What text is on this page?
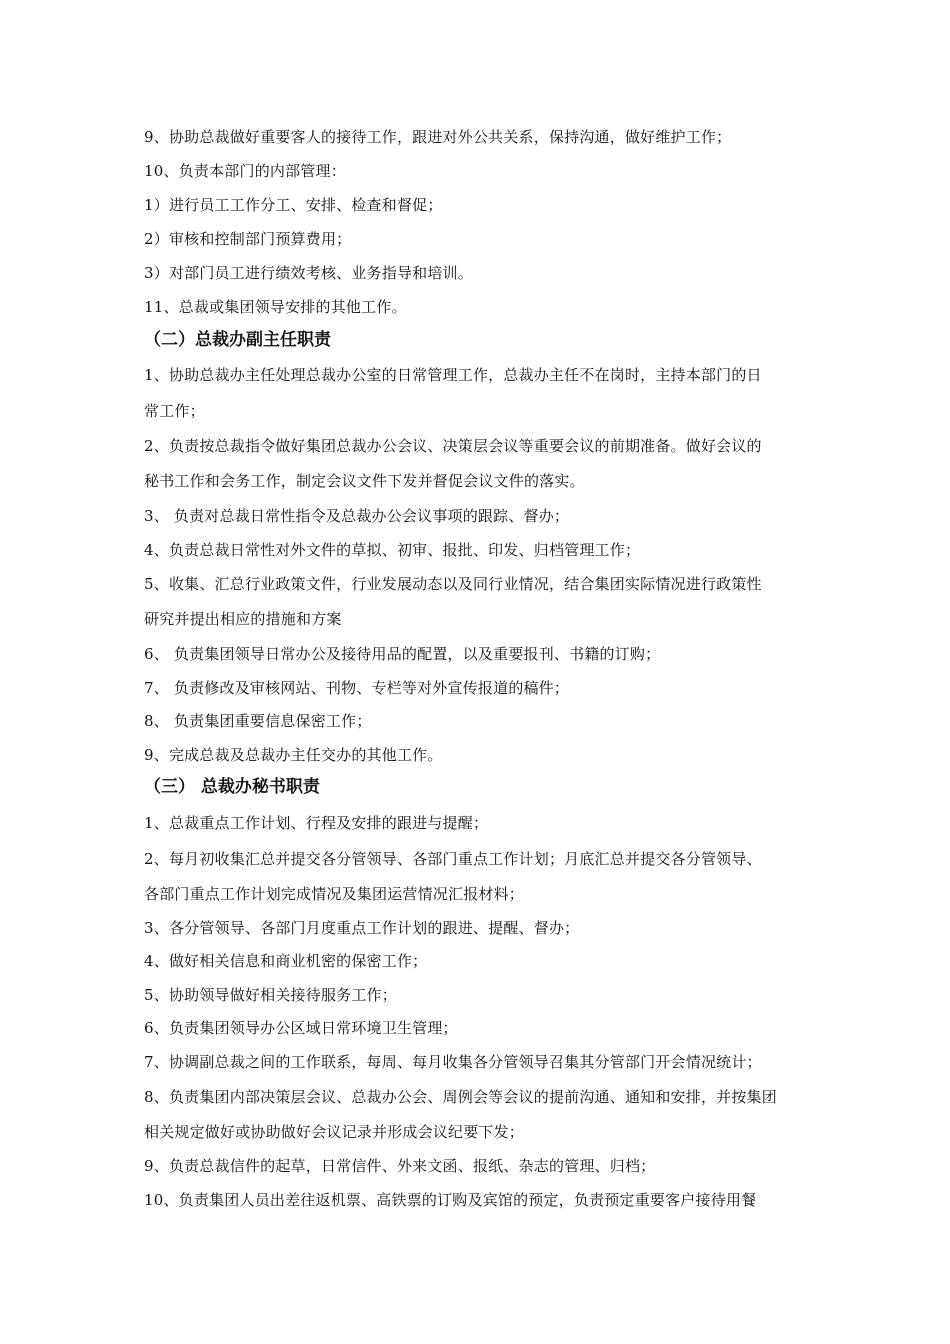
9、协助总裁做好重要客人的接待工作，跟进对外公共关系，保持沟通，做好维护工作；
10、负责本部门的内部管理：
1）进行员工工作分工、安排、检查和督促；
2）审核和控制部门预算费用；
3）对部门员工进行绩效考核、业务指导和培训。
11、总裁或集团领导安排的其他工作。
（二）总裁办副主任职责
1、协助总裁办主任处理总裁办公室的日常管理工作，总裁办主任不在岗时，主持本部门的日
常工作；
2、负责按总裁指令做好集团总裁办公会议、决策层会议等重要会议的前期准备。做好会议的
秘书工作和会务工作，制定会议文件下发并督促会议文件的落实。
3、 负责对总裁日常性指令及总裁办公会议事项的跟踪、督办；
4、负责总裁日常性对外文件的草拟、初审、报批、印发、归档管理工作；
5、收集、汇总行业政策文件，行业发展动态以及同行业情况，结合集团实际情况进行政策性
研究并提出相应的措施和方案
6、 负责集团领导日常办公及接待用品的配置，以及重要报刊、书籍的订购；
7、 负责修改及审核网站、刊物、专栏等对外宣传报道的稿件；
8、 负责集团重要信息保密工作；
9、完成总裁及总裁办主任交办的其他工作。
（三） 总裁办秘书职责
1、总裁重点工作计划、行程及安排的跟进与提醒；
2、每月初收集汇总并提交各分管领导、各部门重点工作计划；月底汇总并提交各分管领导、
各部门重点工作计划完成情况及集团运营情况汇报材料；
3、各分管领导、各部门月度重点工作计划的跟进、提醒、督办；
4、做好相关信息和商业机密的保密工作；
5、协助领导做好相关接待服务工作；
6、负责集团领导办公区域日常环境卫生管理；
7、协调副总裁之间的工作联系，每周、每月收集各分管领导召集其分管部门开会情况统计；
8、负责集团内部决策层会议、总裁办公会、周例会等会议的提前沟通、通知和安排，并按集团
相关规定做好或协助做好会议记录并形成会议纪要下发；
9、负责总裁信件的起草，日常信件、外来文函、报纸、杂志的管理、归档；
10、负责集团人员出差往返机票、高铁票的订购及宾馆的预定，负责预定重要客户接待用餐
